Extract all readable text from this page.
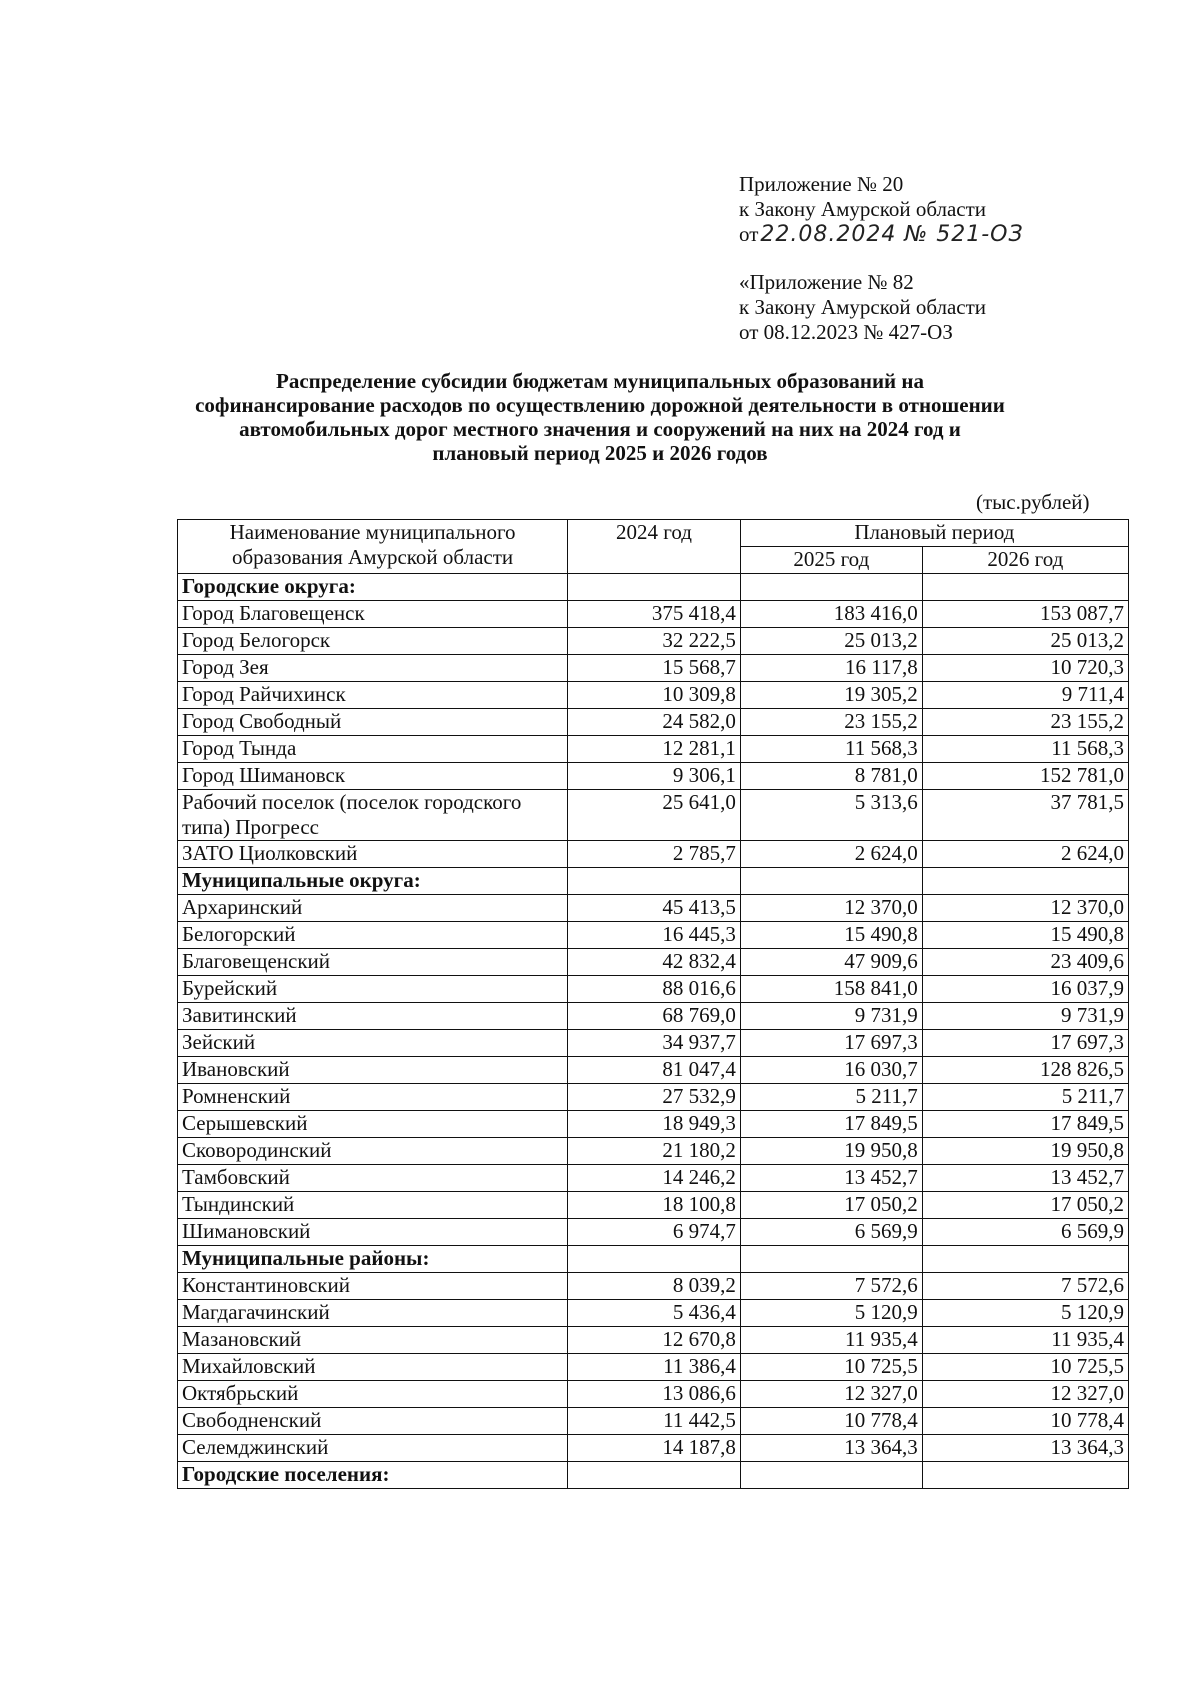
Приложение № 20
к Закону Амурской области
от22.08.2024 № 521-ОЗ
«Приложение № 82
к Закону Амурской области
от 08.12.2023 № 427-ОЗ
Распределение субсидии бюджетам муниципальных образований на
софинансирование расходов по осуществлению дорожной деятельности в отношении
автомобильных дорог местного значения и сооружений на них на 2024 год и
плановый период 2025 и 2026 годов
(тыс.рублей)
Наименование муниципального образования Амурской области	2024 год	Плановый период	
		2025 год	2026 год
Городские округа:			
Город Благовещенск	375 418,4	183 416,0	153 087,7
Город Белогорск	32 222,5	25 013,2	25 013,2
Город Зея	15 568,7	16 117,8	10 720,3
Город Райчихинск	10 309,8	19 305,2	9 711,4
Город Свободный	24 582,0	23 155,2	23 155,2
Город Тында	12 281,1	11 568,3	11 568,3
Город Шимановск	9 306,1	8 781,0	152 781,0
Рабочий поселок (поселок городского типа) Прогресс	25 641,0	5 313,6	37 781,5
ЗАТО Циолковский	2 785,7	2 624,0	2 624,0
Муниципальные округа:			
Архаринский	45 413,5	12 370,0	12 370,0
Белогорский	16 445,3	15 490,8	15 490,8
Благовещенский	42 832,4	47 909,6	23 409,6
Бурейский	88 016,6	158 841,0	16 037,9
Завитинский	68 769,0	9 731,9	9 731,9
Зейский	34 937,7	17 697,3	17 697,3
Ивановский	81 047,4	16 030,7	128 826,5
Ромненский	27 532,9	5 211,7	5 211,7
Серышевский	18 949,3	17 849,5	17 849,5
Сковородинский	21 180,2	19 950,8	19 950,8
Тамбовский	14 246,2	13 452,7	13 452,7
Тындинский	18 100,8	17 050,2	17 050,2
Шимановский	6 974,7	6 569,9	6 569,9
Муниципальные районы:			
Константиновский	8 039,2	7 572,6	7 572,6
Магдагачинский	5 436,4	5 120,9	5 120,9
Мазановский	12 670,8	11 935,4	11 935,4
Михайловский	11 386,4	10 725,5	10 725,5
Октябрьский	13 086,6	12 327,0	12 327,0
Свободненский	11 442,5	10 778,4	10 778,4
Селемджинский	14 187,8	13 364,3	13 364,3
Городские поселения:			
